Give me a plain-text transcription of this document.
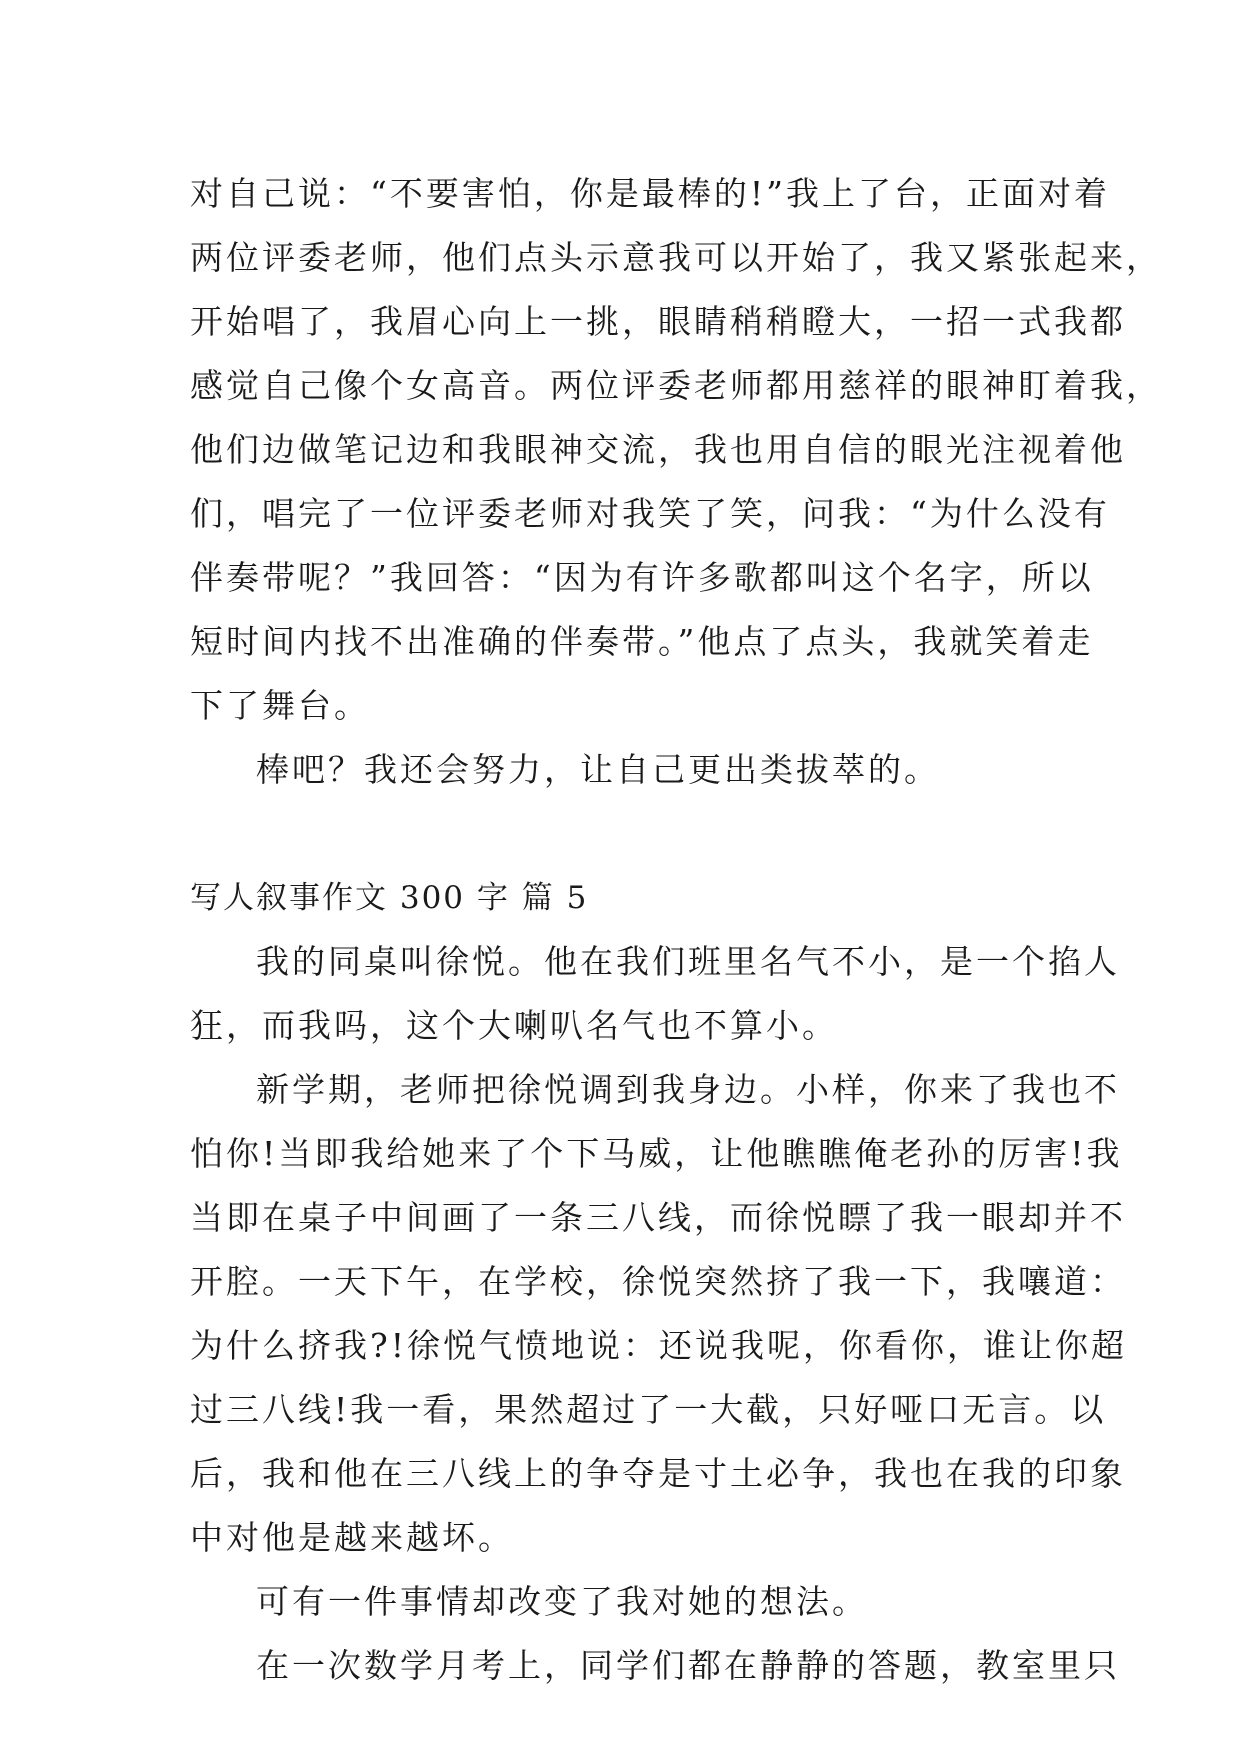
对自己说：“不要害怕，你是最棒的!”我上了台，正面对着
两位评委老师，他们点头示意我可以开始了，我又紧张起来，
开始唱了，我眉心向上一挑，眼睛稍稍瞪大，一招一式我都
感觉自己像个女高音。两位评委老师都用慈祥的眼神盯着我，
他们边做笔记边和我眼神交流，我也用自信的眼光注视着他
们，唱完了一位评委老师对我笑了笑，问我：“为什么没有
伴奏带呢？”我回答：“因为有许多歌都叫这个名字，所以
短时间内找不出准确的伴奏带。”他点了点头，我就笑着走
下了舞台。
棒吧？我还会努力，让自己更出类拔萃的。
写人叙事作文 300 字 篇 5
我的同桌叫徐悦。他在我们班里名气不小，是一个掐人
狂，而我吗，这个大喇叭名气也不算小。
新学期，老师把徐悦调到我身边。小样，你来了我也不
怕你!当即我给她来了个下马威，让他瞧瞧俺老孙的厉害!我
当即在桌子中间画了一条三八线，而徐悦瞟了我一眼却并不
开腔。一天下午，在学校，徐悦突然挤了我一下，我嚷道：
为什么挤我?!徐悦气愤地说：还说我呢，你看你，谁让你超
过三八线!我一看，果然超过了一大截，只好哑口无言。以
后，我和他在三八线上的争夺是寸土必争，我也在我的印象
中对他是越来越坏。
可有一件事情却改变了我对她的想法。
在一次数学月考上，同学们都在静静的答题，教室里只
